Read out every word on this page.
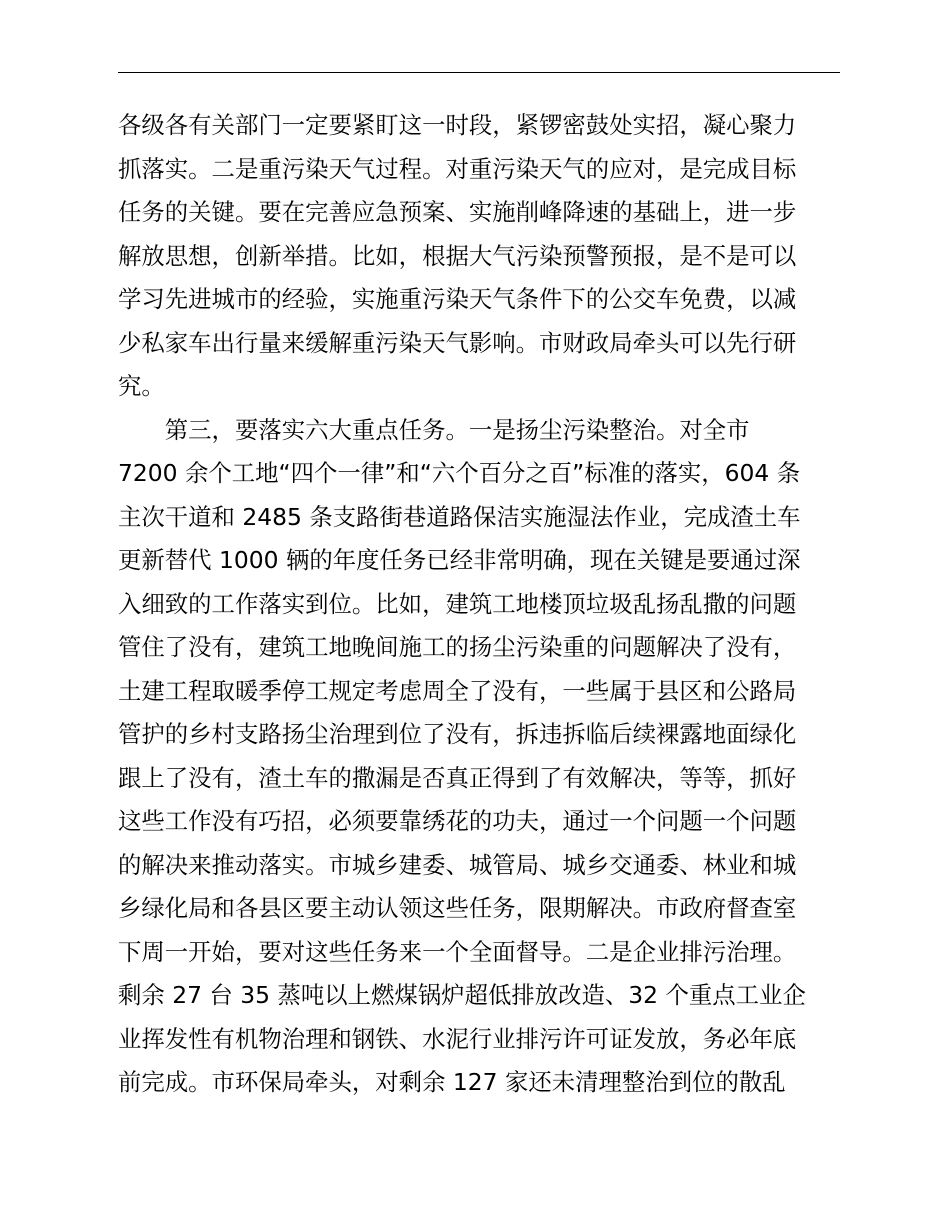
各级各有关部门一定要紧盯这一时段，紧锣密鼓处实招，凝心聚力
抓落实。二是重污染天气过程。对重污染天气的应对，是完成目标
任务的关键。要在完善应急预案、实施削峰降速的基础上，进一步
解放思想，创新举措。比如，根据大气污染预警预报，是不是可以
学习先进城市的经验，实施重污染天气条件下的公交车免费，以减
少私家车出行量来缓解重污染天气影响。市财政局牵头可以先行研
究。
　　第三，要落实六大重点任务。一是扬尘污染整治。对全市
7200 余个工地“四个一律”和“六个百分之百”标准的落实，604 条
主次干道和 2485 条支路街巷道路保洁实施湿法作业，完成渣土车
更新替代 1000 辆的年度任务已经非常明确，现在关键是要通过深
入细致的工作落实到位。比如，建筑工地楼顶垃圾乱扬乱撒的问题
管住了没有，建筑工地晚间施工的扬尘污染重的问题解决了没有，
土建工程取暖季停工规定考虑周全了没有，一些属于县区和公路局
管护的乡村支路扬尘治理到位了没有，拆违拆临后续裸露地面绿化
跟上了没有，渣土车的撒漏是否真正得到了有效解决，等等，抓好
这些工作没有巧招，必须要靠绣花的功夫，通过一个问题一个问题
的解决来推动落实。市城乡建委、城管局、城乡交通委、林业和城
乡绿化局和各县区要主动认领这些任务，限期解决。市政府督查室
下周一开始，要对这些任务来一个全面督导。二是企业排污治理。
剩余 27 台 35 蒸吨以上燃煤锅炉超低排放改造、32 个重点工业企
业挥发性有机物治理和钢铁、水泥行业排污许可证发放，务必年底
前完成。市环保局牵头，对剩余 127 家还未清理整治到位的散乱
